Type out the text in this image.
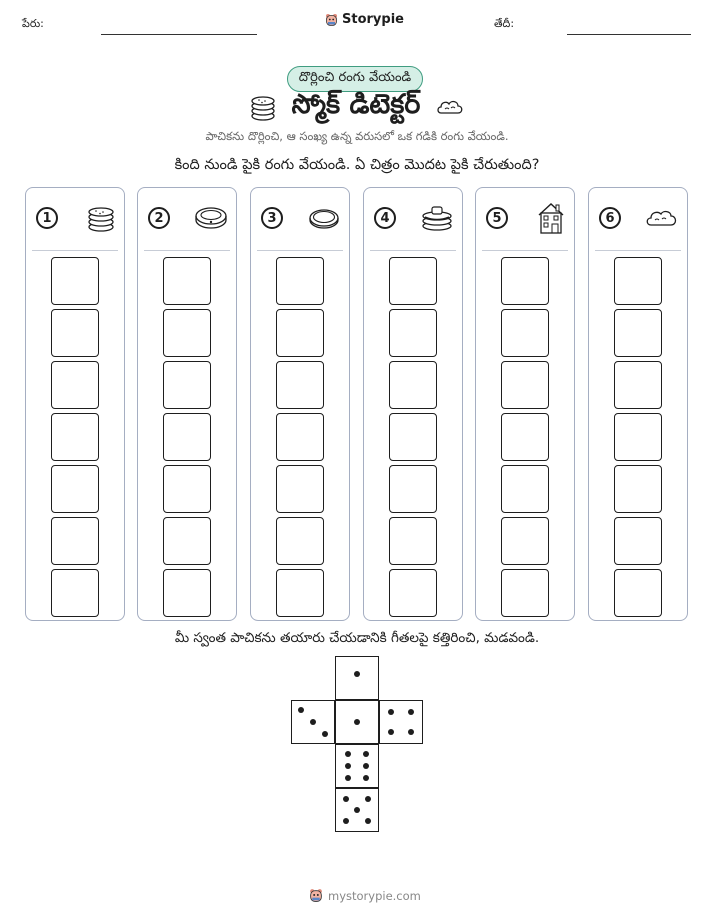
పేరు:	Storypie	తేదీ:
దొర్లించి రంగు వేయండి
స్మోక్ డిటెక్టర్
పాచికను దొర్లించి, ఆ సంఖ్య ఉన్న వరుసలో ఒక గడికి రంగు వేయండి.
కింది నుండి పైకి రంగు వేయండి. ఏ చిత్రం మొదట పైకి చేరుతుంది?
1	2	3	4	5	6
మీ స్వంత పాచికను తయారు చేయడానికి గీతలపై కత్తిరించి, మడవండి.
mystorypie.com
